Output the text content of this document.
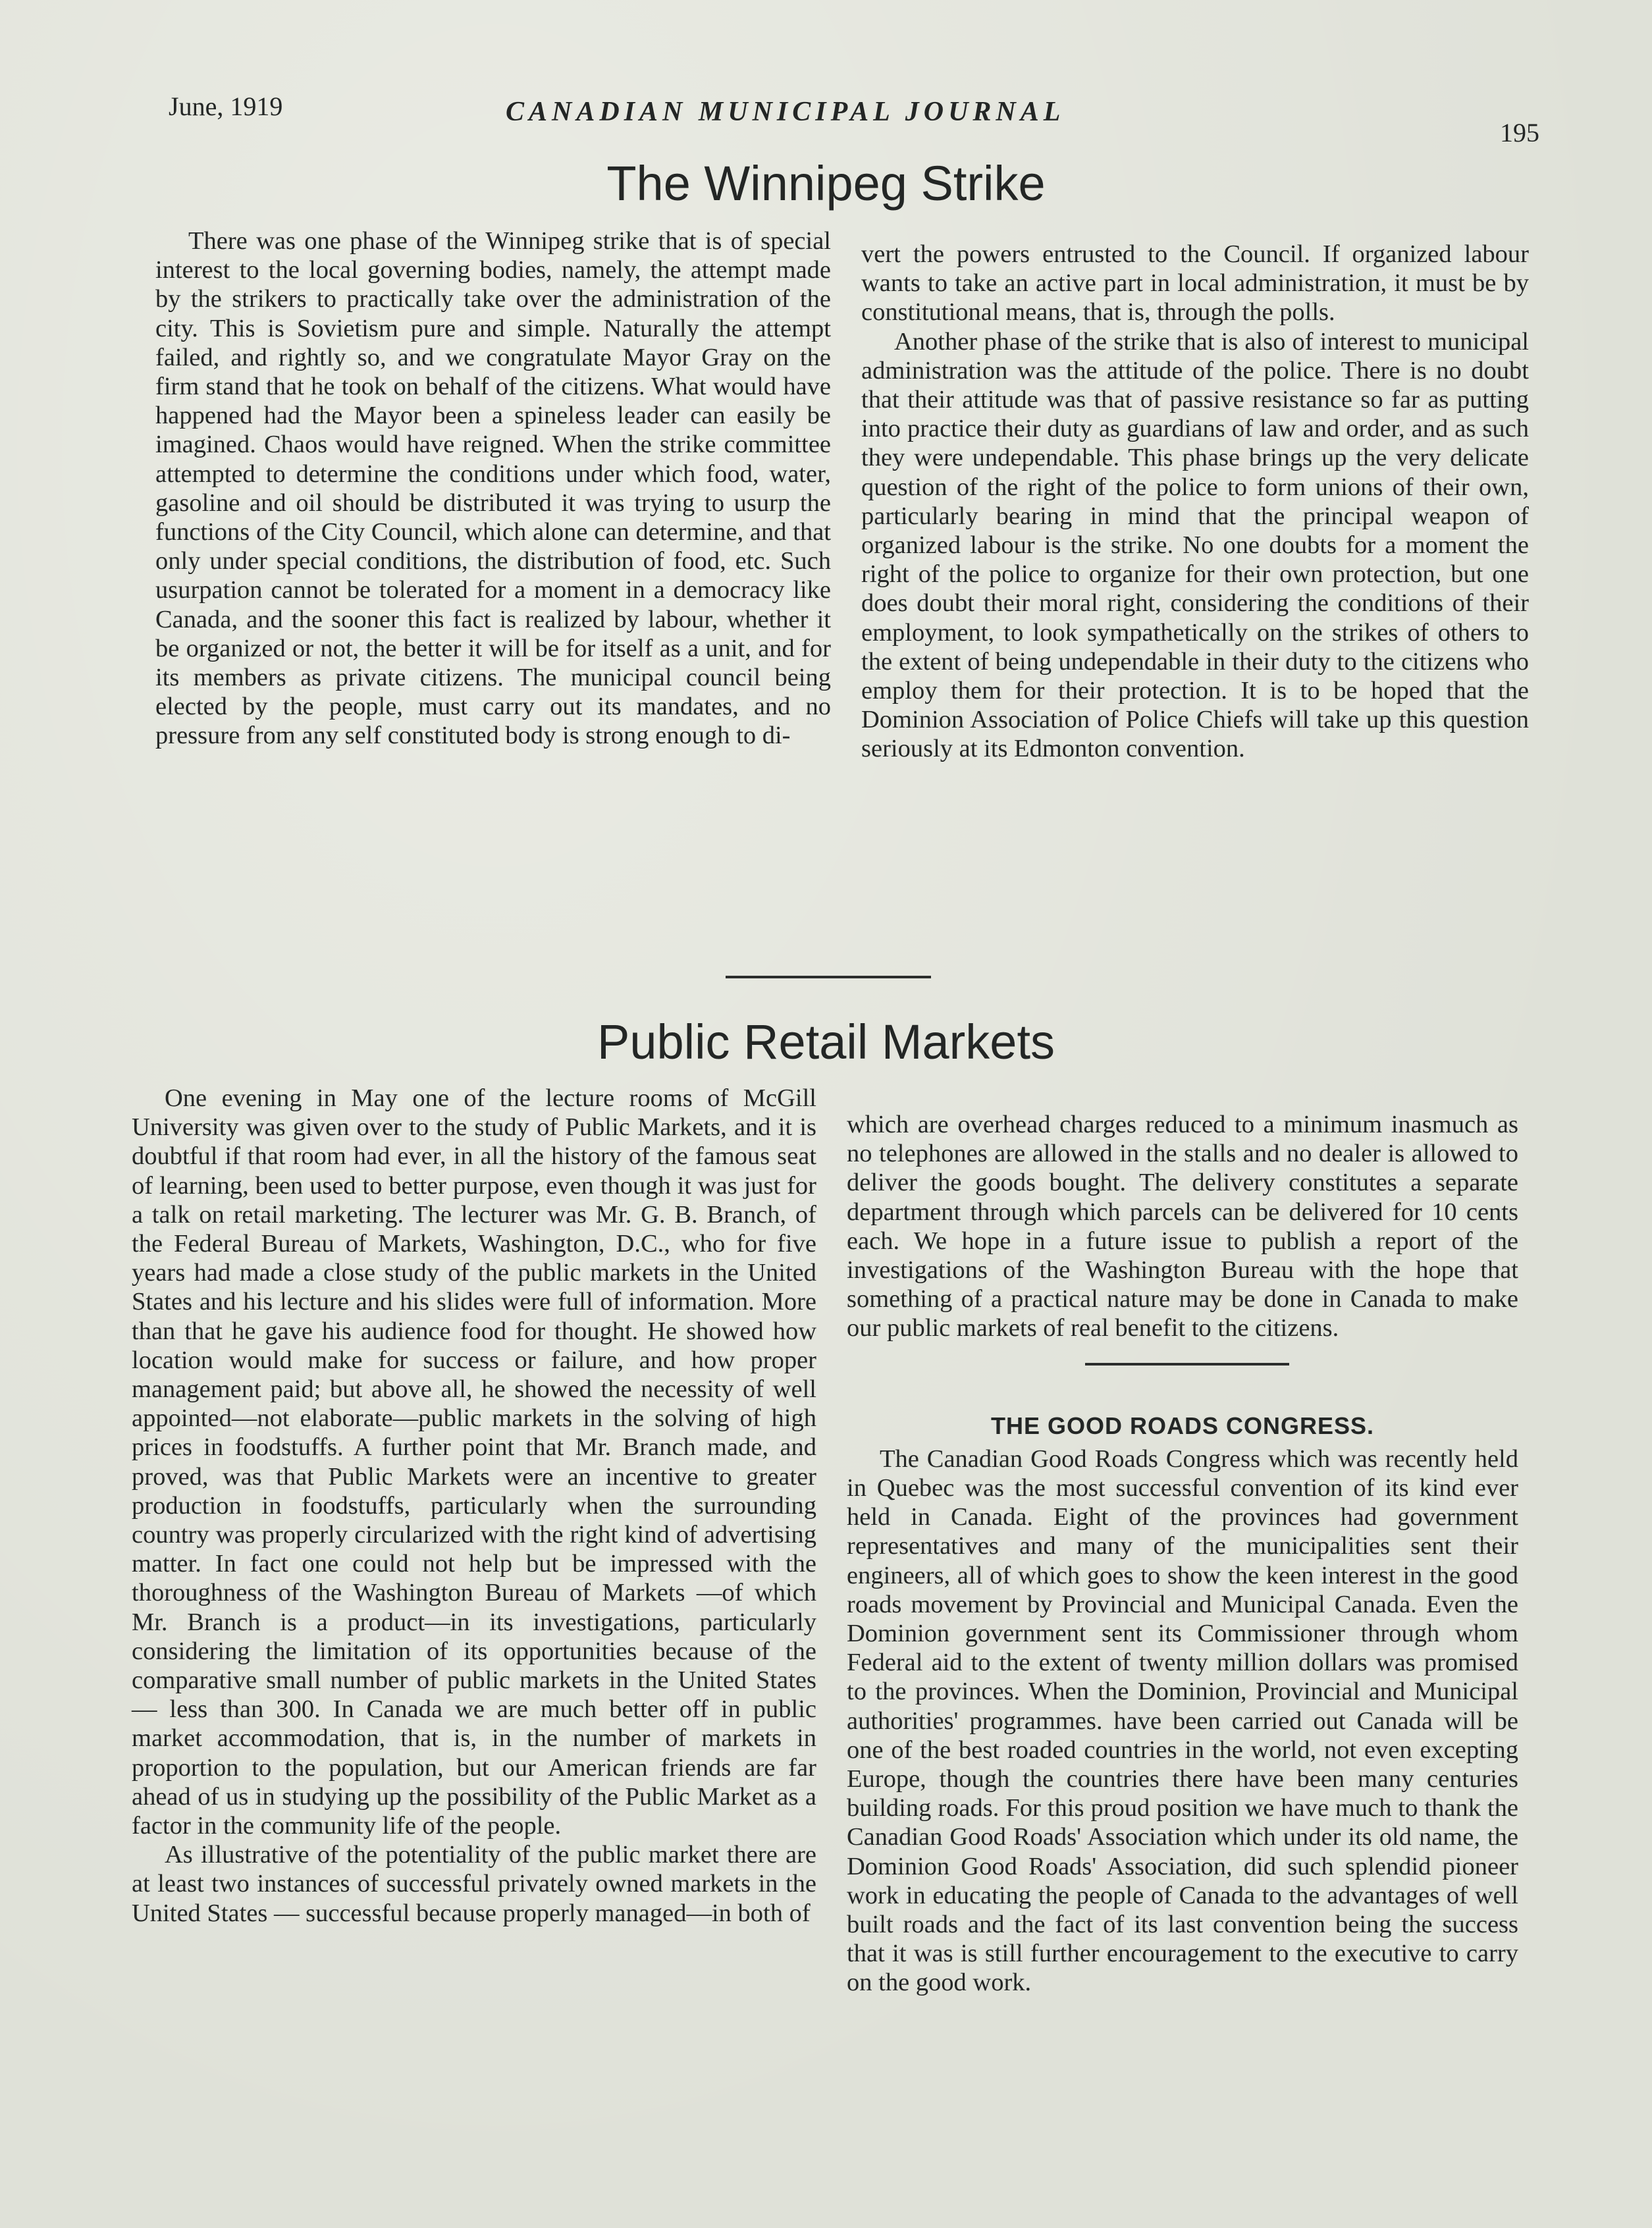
June, 1919	CANADIAN MUNICIPAL JOURNAL
195
The Winnipeg Strike

There was one phase of the Winnipeg strike that is of special interest to the local governing bodies, namely, the attempt made by the strikers to practically take over the administration of the city. This is Sovietism pure and simple. Naturally the attempt failed, and rightly so, and we congratulate Mayor Gray on the firm stand that he took on behalf of the citizens. What would have happened had the Mayor been a spineless leader can easily be imagined. Chaos would have reigned. When the strike committee attempted to determine the conditions under which food, water, gasoline and oil should be distributed it was trying to usurp the functions of the City Council, which alone can determine, and that only under special conditions, the distribution of food, etc. Such usurpation cannot be tolerated for a moment in a democracy like Canada, and the sooner this fact is realized by labour, whether it be organized or not, the better it will be for itself as a unit, and for its members as private citizens. The municipal council being elected by the people, must carry out its mandates, and no pressure from any self constituted body is strong enough to di-

vert the powers entrusted to the Council. If organized labour wants to take an active part in local administration, it must be by constitutional means, that is, through the polls.

Another phase of the strike that is also of interest to municipal administration was the attitude of the police. There is no doubt that their attitude was that of passive resistance so far as putting into practice their duty as guardians of law and order, and as such they were undependable. This phase brings up the very delicate question of the right of the police to form unions of their own, particularly bearing in mind that the principal weapon of organized labour is the strike. No one doubts for a moment the right of the police to organize for their own protection, but one does doubt their moral right, considering the conditions of their employment, to look sympathetically on the strikes of others to the extent of being undependable in their duty to the citizens who employ them for their protection. It is to be hoped that the Dominion Association of Police Chiefs will take up this question seriously at its Edmonton convention.

Public Retail Markets

One evening in May one of the lecture rooms of McGill University was given over to the study of Public Markets, and it is doubtful if that room had ever, in all the history of the famous seat of learning, been used to better purpose, even though it was just for a talk on retail marketing. The lecturer was Mr. G. B. Branch, of the Federal Bureau of Markets, Washington, D.C., who for five years had made a close study of the public markets in the United States and his lecture and his slides were full of information. More than that he gave his audience food for thought. He showed how location would make for success or failure, and how proper management paid; but above all, he showed the necessity of well appointed—not elaborate—public markets in the solving of high prices in foodstuffs. A further point that Mr. Branch made, and proved, was that Public Markets were an incentive to greater production in foodstuffs, particularly when the surrounding country was properly circularized with the right kind of advertising matter. In fact one could not help but be impressed with the thoroughness of the Washington Bureau of Markets —of which Mr. Branch is a product—in its investigations, particularly considering the limitation of its opportunities because of the comparative small number of public markets in the United States — less than 300. In Canada we are much better off in public market accommodation, that is, in the number of markets in proportion to the population, but our American friends are far ahead of us in studying up the possibility of the Public Market as a factor in the community life of the people.

As illustrative of the potentiality of the public market there are at least two instances of successful privately owned markets in the United States — successful because properly managed—in both of

which are overhead charges reduced to a minimum inasmuch as no telephones are allowed in the stalls and no dealer is allowed to deliver the goods bought. The delivery constitutes a separate department through which parcels can be delivered for 10 cents each. We hope in a future issue to publish a report of the investigations of the Washington Bureau with the hope that something of a practical nature may be done in Canada to make our public markets of real benefit to the citizens.

THE GOOD ROADS CONGRESS.

The Canadian Good Roads Congress which was recently held in Quebec was the most successful convention of its kind ever held in Canada. Eight of the provinces had government representatives and many of the municipalities sent their engineers, all of which goes to show the keen interest in the good roads movement by Provincial and Municipal Canada. Even the Dominion government sent its Commissioner through whom Federal aid to the extent of twenty million dollars was promised to the provinces. When the Dominion, Provincial and Municipal authorities' programmes. have been carried out Canada will be one of the best roaded countries in the world, not even excepting Europe, though the countries there have been many centuries building roads. For this proud position we have much to thank the Canadian Good Roads' Association which under its old name, the Dominion Good Roads' Association, did such splendid pioneer work in educating the people of Canada to the advantages of well built roads and the fact of its last convention being the success that it was is still further encouragement to the executive to carry on the good work.
